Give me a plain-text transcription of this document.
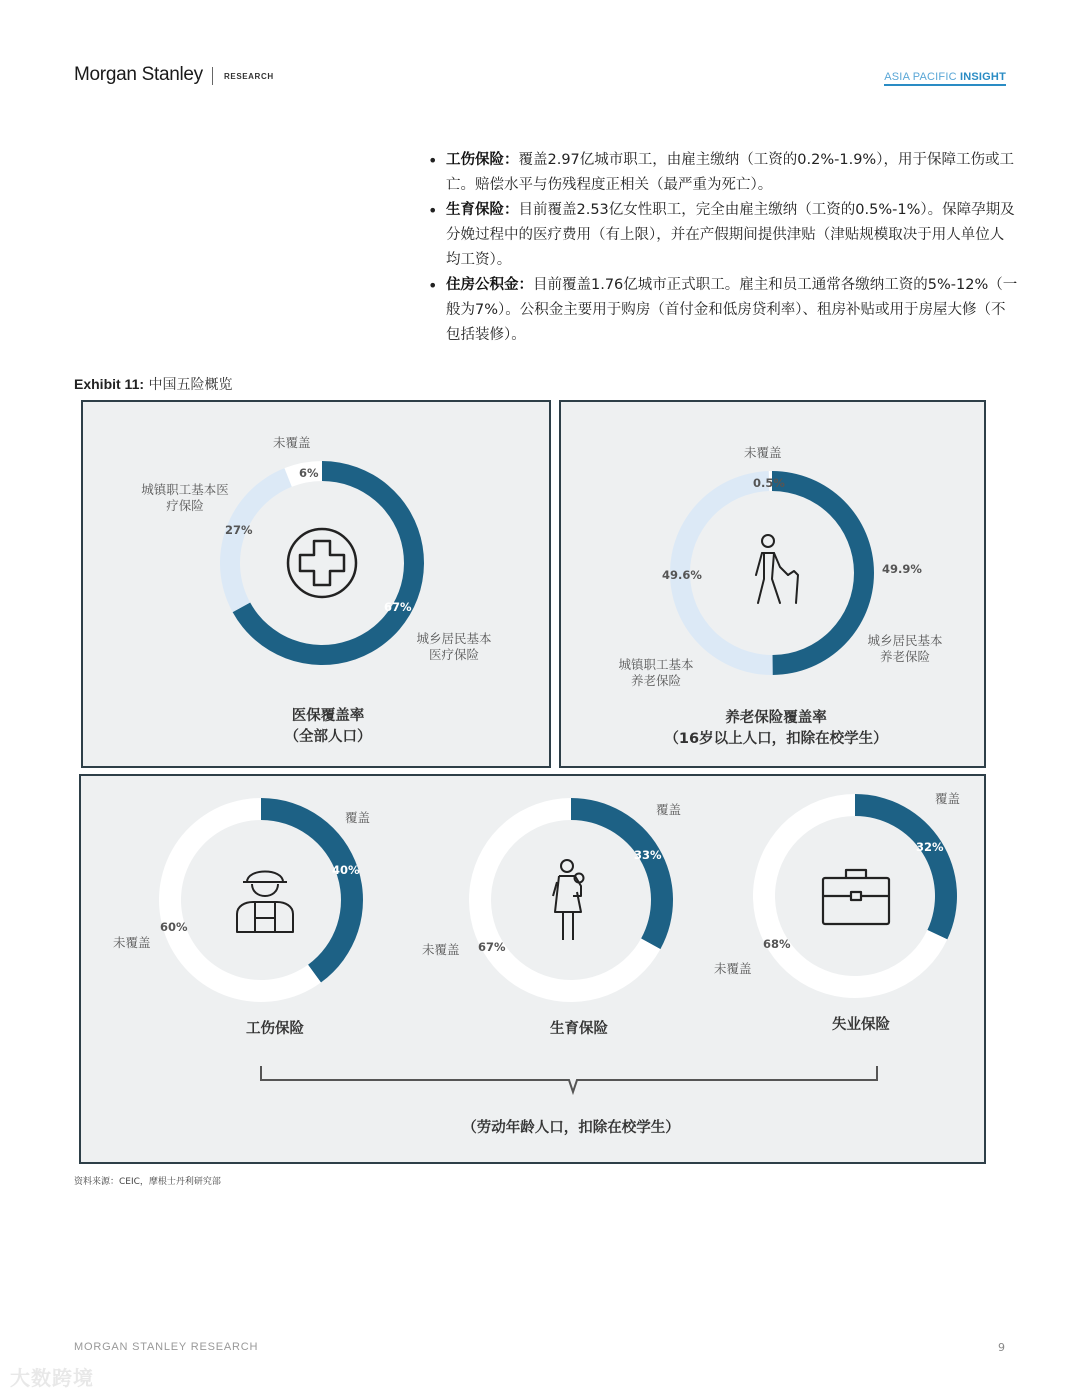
Morgan Stanley	RESEARCH	ASIA PACIFIC INSIGHT
• 工伤保险：覆盖2.97亿城市职工，由雇主缴纳（工资的0.2%-1.9%），用于保障工伤或工亡。赔偿水平与伤残程度正相关（最严重为死亡）。
• 生育保险：目前覆盖2.53亿女性职工，完全由雇主缴纳（工资的0.5%-1%）。保障孕期及分娩过程中的医疗费用（有上限），并在产假期间提供津贴（津贴规模取决于用人单位人均工资）。
• 住房公积金：目前覆盖1.76亿城市正式职工。雇主和员工通常各缴纳工资的5%-12%（一般为7%）。公积金主要用于购房（首付金和低房贷利率）、租房补贴或用于房屋大修（不包括装修）。
Exhibit 11: 中国五险概览
未覆盖
6%
城镇职工基本医疗保险
27%
67%
城乡居民基本医疗保险
医保覆盖率
（全部人口）
未覆盖
0.5%
49.9%
49.6%
城乡居民基本养老保险
城镇职工基本养老保险
养老保险覆盖率
（16岁以上人口，扣除在校学生）
覆盖
40%
60%
未覆盖
工伤保险
覆盖
33%
67%
未覆盖
生育保险
覆盖
32%
68%
未覆盖
失业保险
（劳动年龄人口，扣除在校学生）
资料来源：CEIC，摩根士丹利研究部
MORGAN STANLEY RESEARCH	9
大数跨境
